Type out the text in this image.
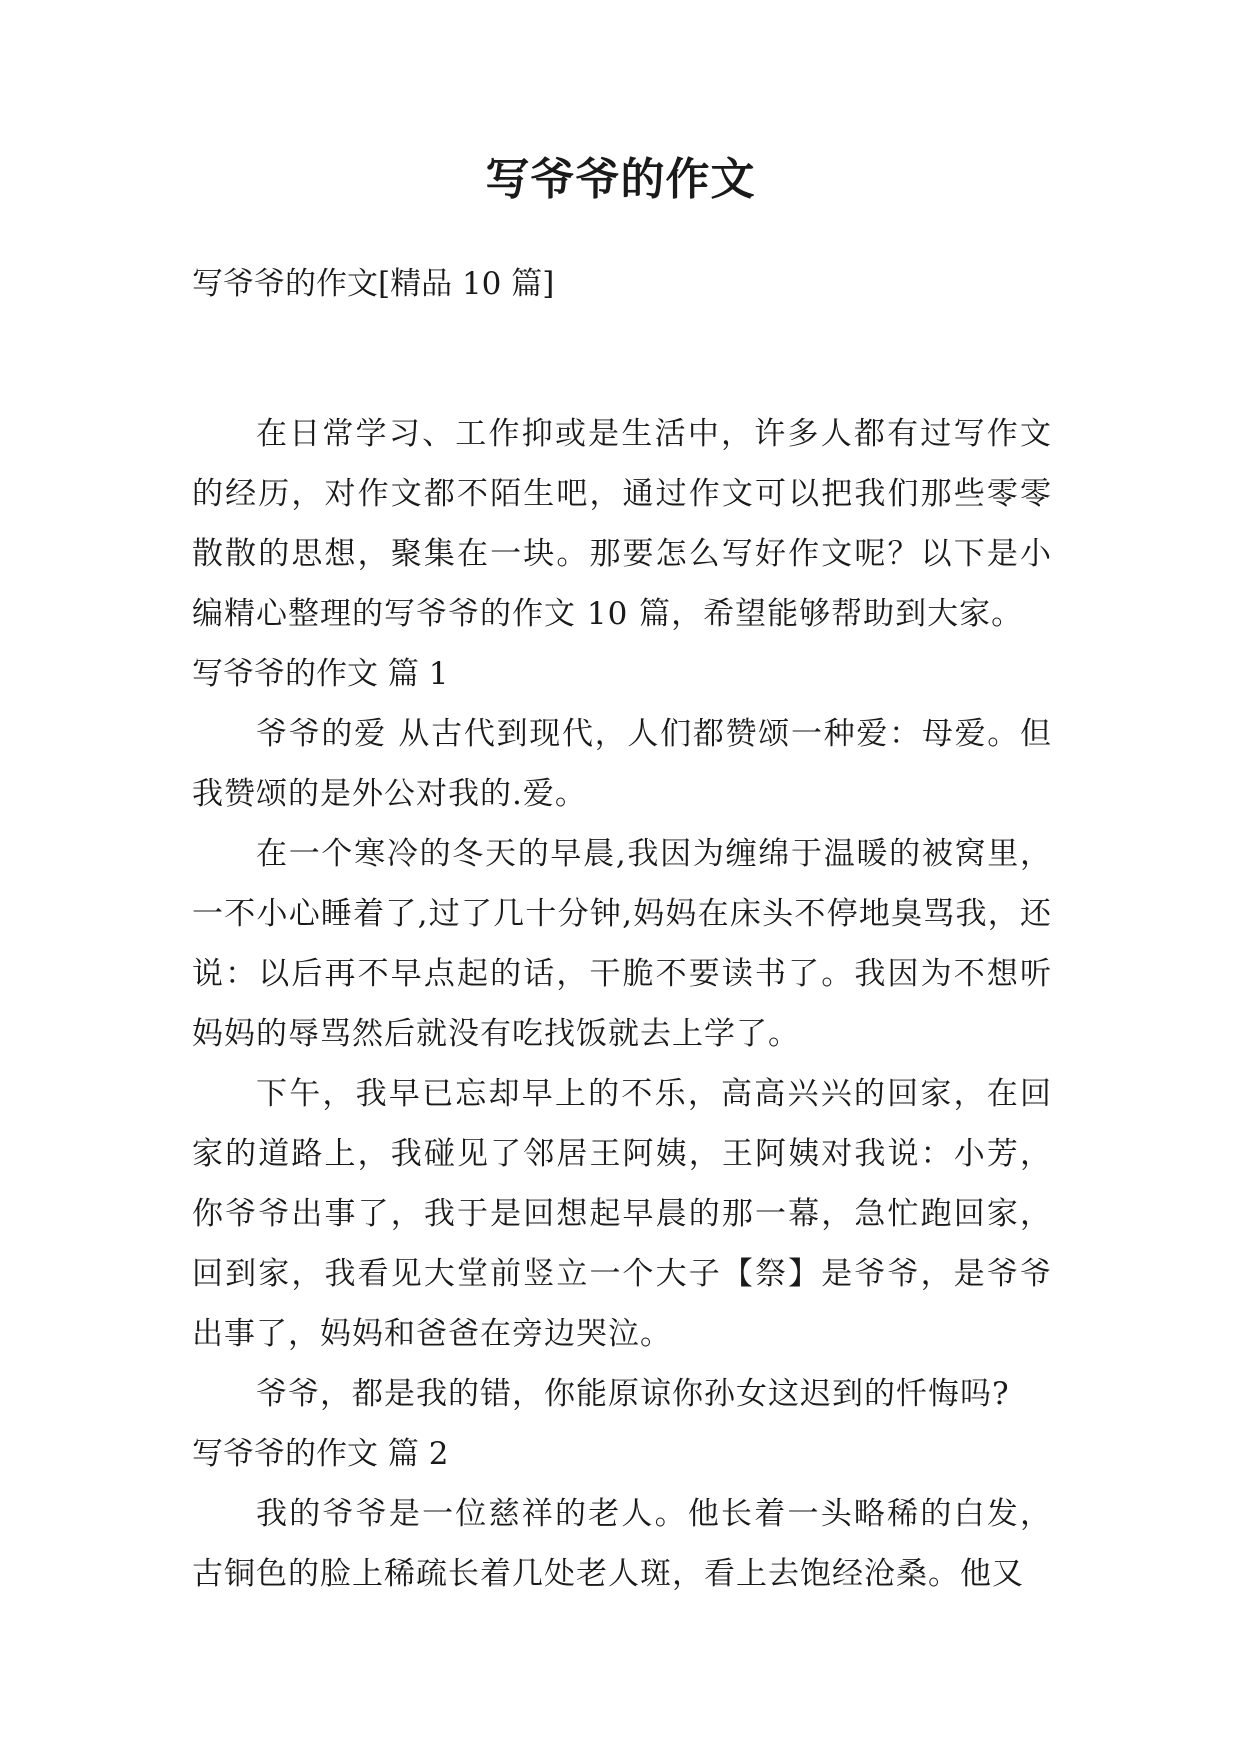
写爷爷的作文

写爷爷的作文[精品 10 篇]

在日常学习、工作抑或是生活中，许多人都有过写作文的经历，对作文都不陌生吧，通过作文可以把我们那些零零散散的思想，聚集在一块。那要怎么写好作文呢？以下是小编精心整理的写爷爷的作文 10 篇，希望能够帮助到大家。

写爷爷的作文 篇 1

爷爷的爱 从古代到现代，人们都赞颂一种爱：母爱。但我赞颂的是外公对我的.爱。

在一个寒冷的冬天的早晨,我因为缠绵于温暖的被窝里，一不小心睡着了,过了几十分钟,妈妈在床头不停地臭骂我，还说：以后再不早点起的话，干脆不要读书了。我因为不想听妈妈的辱骂然后就没有吃找饭就去上学了。

下午，我早已忘却早上的不乐，高高兴兴的回家，在回家的道路上，我碰见了邻居王阿姨，王阿姨对我说：小芳，你爷爷出事了，我于是回想起早晨的那一幕，急忙跑回家，回到家，我看见大堂前竖立一个大子【祭】是爷爷，是爷爷出事了，妈妈和爸爸在旁边哭泣。

爷爷，都是我的错，你能原谅你孙女这迟到的忏悔吗?

写爷爷的作文 篇 2

我的爷爷是一位慈祥的老人。他长着一头略稀的白发，古铜色的脸上稀疏长着几处老人斑，看上去饱经沧桑。他又
